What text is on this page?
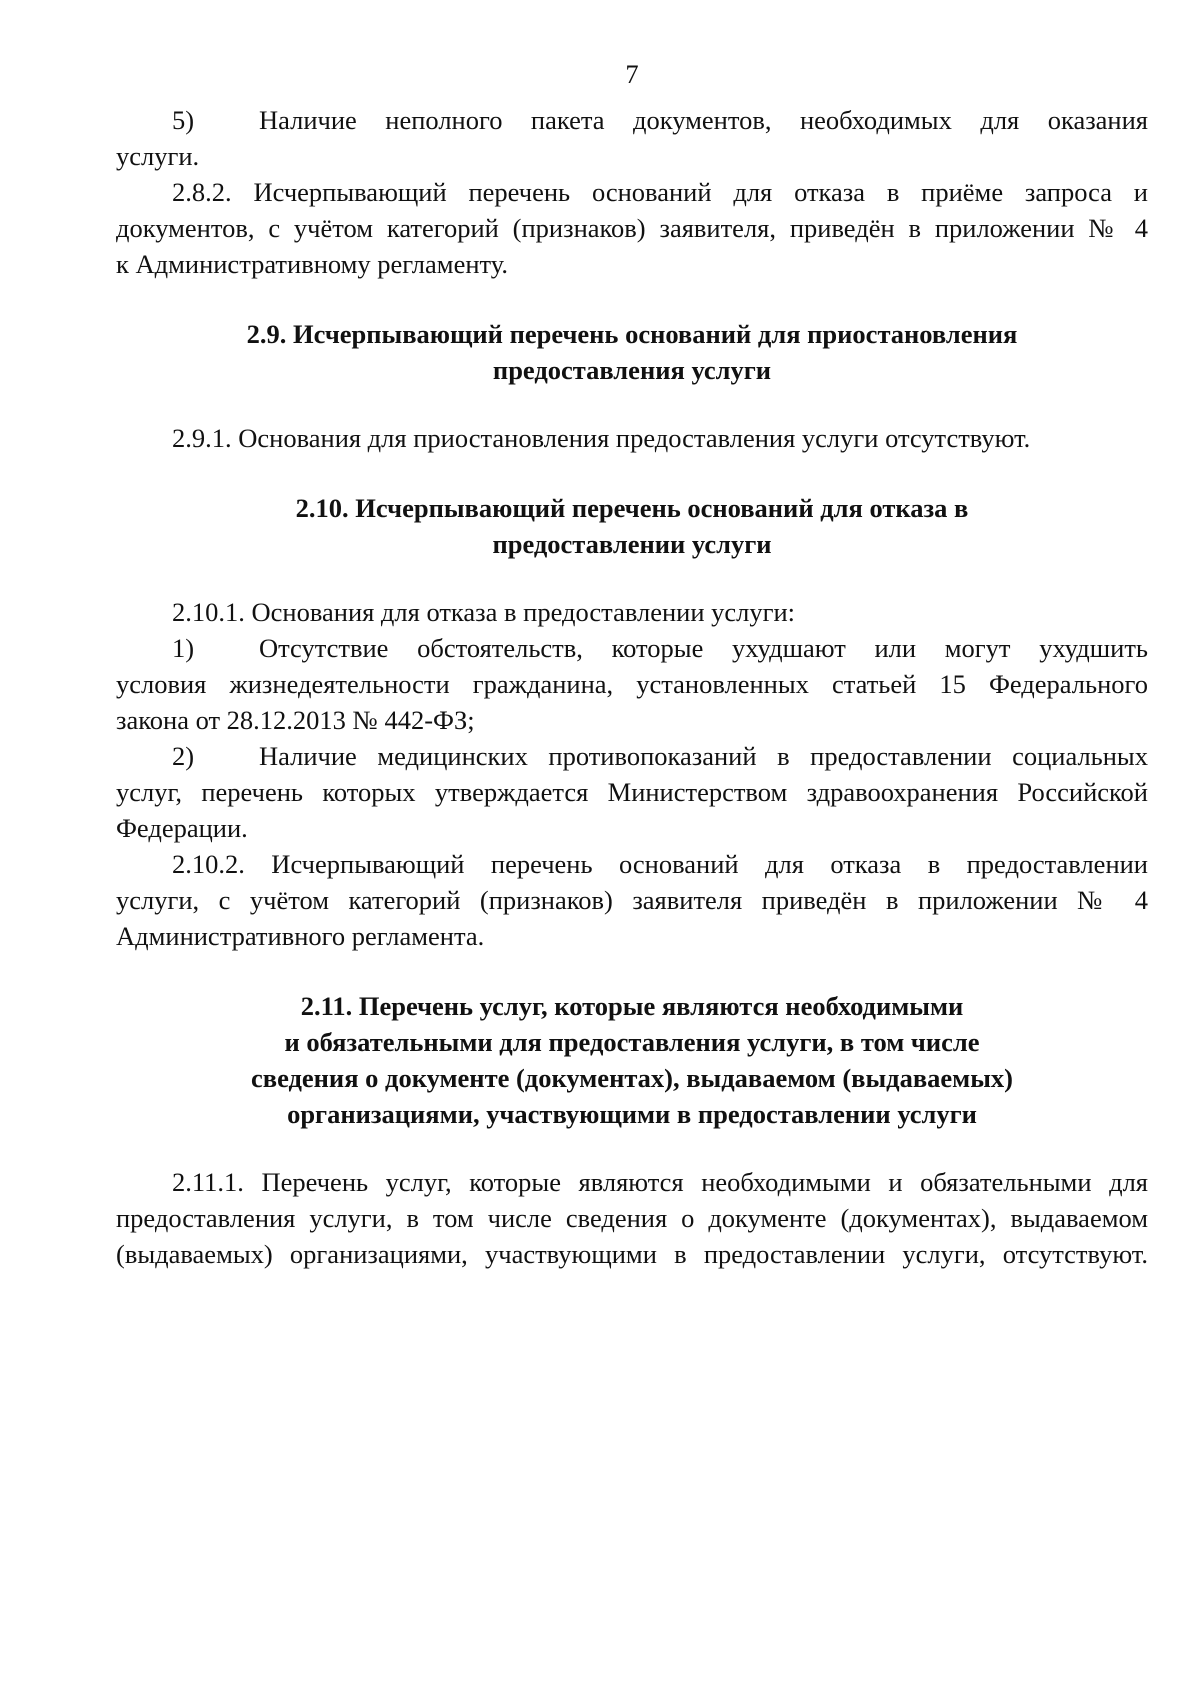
7

5) Наличие неполного пакета документов, необходимых для оказания

услуги.

2.8.2. Исчерпывающий перечень оснований для отказа в приёме запроса и

документов, с учётом категорий (признаков) заявителя, приведён в приложении № 4

к Административному регламенту.

2.9. Исчерпывающий перечень оснований для приостановления
предоставления услуги

2.9.1. Основания для приостановления предоставления услуги отсутствуют.

2.10. Исчерпывающий перечень оснований для отказа в
предоставлении услуги

2.10.1. Основания для отказа в предоставлении услуги:

1) Отсутствие обстоятельств, которые ухудшают или могут ухудшить

условия жизнедеятельности гражданина, установленных статьей 15 Федерального

закона от 28.12.2013 № 442-ФЗ;

2) Наличие медицинских противопоказаний в предоставлении социальных

услуг, перечень которых утверждается Министерством здравоохранения Российской

Федерации.

2.10.2. Исчерпывающий перечень оснований для отказа в предоставлении

услуги, с учётом категорий (признаков) заявителя приведён в приложении № 4

Административного регламента.

2.11. Перечень услуг, которые являются необходимыми
и обязательными для предоставления услуги, в том числе
сведения о документе (документах), выдаваемом (выдаваемых)
организациями, участвующими в предоставлении услуги

2.11.1. Перечень услуг, которые являются необходимыми и обязательными для

предоставления услуги, в том числе сведения о документе (документах), выдаваемом

(выдаваемых) организациями, участвующими в предоставлении услуги, отсутствуют.
